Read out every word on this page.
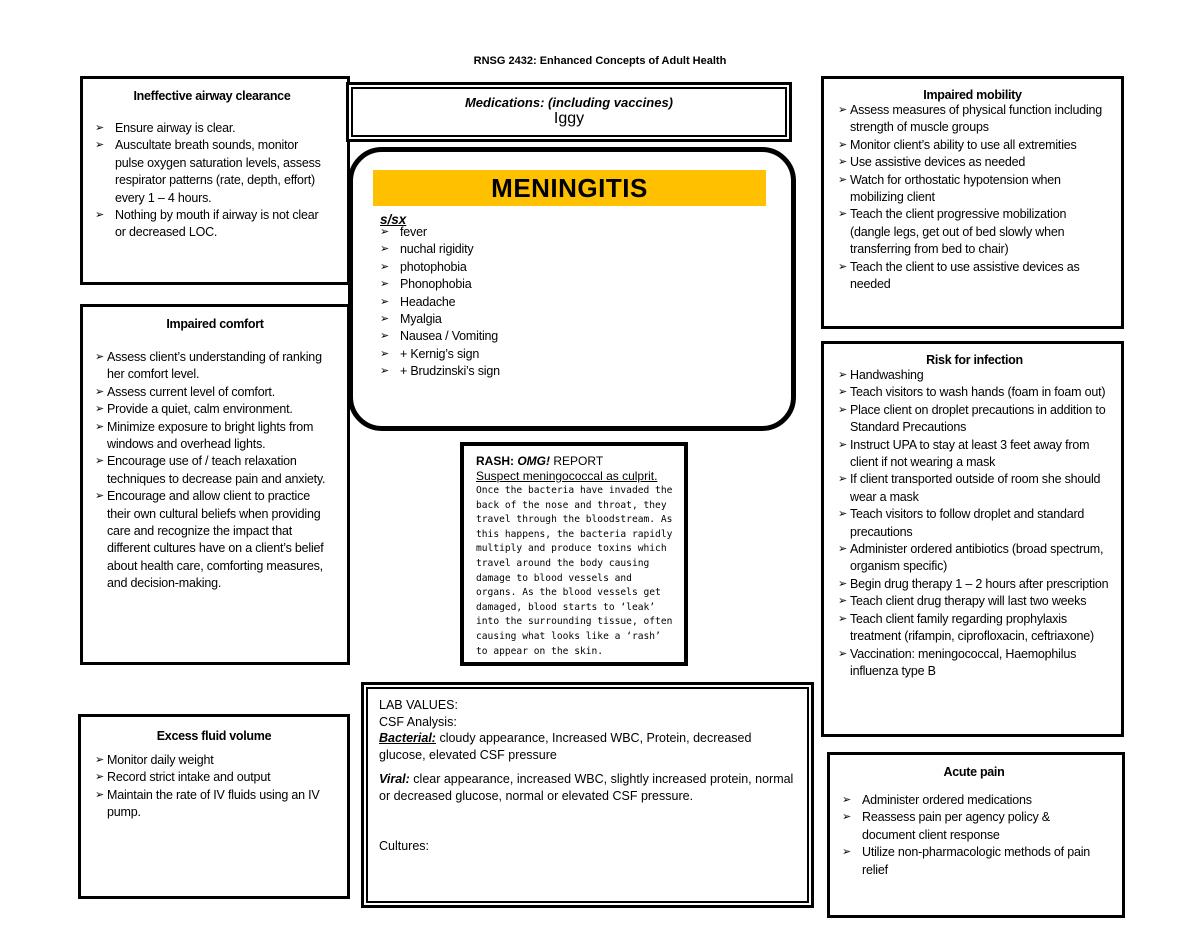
RNSG 2432: Enhanced Concepts of Adult Health
Ineffective airway clearance
➢ Ensure airway is clear.
➢ Auscultate breath sounds, monitor pulse oxygen saturation levels, assess respirator patterns (rate, depth, effort) every 1 – 4 hours.
➢ Nothing by mouth if airway is not clear or decreased LOC.
Medications: (including vaccines)
Iggy
Impaired mobility
➢ Assess measures of physical function including strength of muscle groups
➢ Monitor client’s ability to use all extremities
➢ Use assistive devices as needed
➢ Watch for orthostatic hypotension when mobilizing client
➢ Teach the client progressive mobilization (dangle legs, get out of bed slowly when transferring from bed to chair)
➢ Teach the client to use assistive devices as needed
MENINGITIS
s/sx
➢ fever
➢ nuchal rigidity
➢ photophobia
➢ Phonophobia
➢ Headache
➢ Myalgia
➢ Nausea / Vomiting
➢ + Kernig’s sign
➢ + Brudzinski’s sign
Impaired comfort
➢ Assess client’s understanding of ranking her comfort level.
➢ Assess current level of comfort.
➢ Provide a quiet, calm environment.
➢ Minimize exposure to bright lights from windows and overhead lights.
➢ Encourage use of / teach relaxation techniques to decrease pain and anxiety.
➢ Encourage and allow client to practice their own cultural beliefs when providing care and recognize the impact that different cultures have on a client’s belief about health care, comforting measures, and decision-making.
Risk for infection
➢ Handwashing
➢ Teach visitors to wash hands (foam in foam out)
➢ Place client on droplet precautions in addition to Standard Precautions
➢ Instruct UPA to stay at least 3 feet away from client if not wearing a mask
➢ If client transported outside of room she should wear a mask
➢ Teach visitors to follow droplet and standard precautions
➢ Administer ordered antibiotics (broad spectrum, organism specific)
➢ Begin drug therapy 1 – 2 hours after prescription
➢ Teach client drug therapy will last two weeks
➢ Teach client family regarding prophylaxis treatment (rifampin, ciprofloxacin, ceftriaxone)
➢ Vaccination: meningococcal, Haemophilus influenza type B
RASH: OMG! REPORT
Suspect meningococcal as culprit.
Once the bacteria have invaded the back of the nose and throat, they travel through the bloodstream. As this happens, the bacteria rapidly multiply and produce toxins which travel around the body causing damage to blood vessels and organs. As the blood vessels get damaged, blood starts to ‘leak’ into the surrounding tissue, often causing what looks like a ‘rash’ to appear on the skin.
Excess fluid volume
➢ Monitor daily weight
➢ Record strict intake and output
➢ Maintain the rate of IV fluids using an IV pump.
LAB VALUES:
CSF Analysis:
Bacterial: cloudy appearance, Increased WBC, Protein, decreased glucose, elevated CSF pressure
Viral: clear appearance, increased WBC, slightly increased protein, normal or decreased glucose, normal or elevated CSF pressure.
Cultures:
Acute pain
➢ Administer ordered medications
➢ Reassess pain per agency policy & document client response
➢ Utilize non-pharmacologic methods of pain relief
